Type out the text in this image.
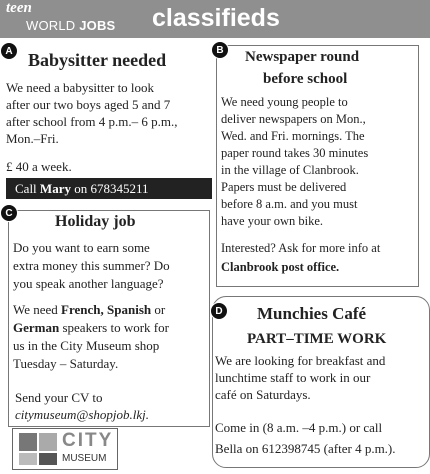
teen
WORLD JOBS classifieds
Babysitter needed
We need a babysitter to look
after our two boys aged 5 and 7
after school from 4 p.m.– 6 p.m.,
Mon.–Fri.
£ 40 a week.
Call Mary on 678345211
A	Newspaper round
before school
We need young people to
deliver newspapers on Mon.,
Wed. and Fri. mornings. The
paper round takes 30 minutes
in the village of Clanbrook.
Papers must be delivered
before 8 a.m. and you must
have your own bike.
Interested? Ask for more info at
Clanbrook post office.
B
Holiday job
Do you want to earn some
extra money this summer? Do
you speak another language?
We need French, Spanish or
German speakers to work for
us in the City Museum shop
Tuesday – Saturday.
Send your CV to
citymuseum@shopjob.lkj.
C
CITY
MUSEUM
Munchies Café
PART–TIME WORK
We are looking for breakfast and
lunchtime staff to work in our
café on Saturdays.
Come in (8 a.m. –4 p.m.) or call
Bella on 612398745 (after 4 p.m.).
D
